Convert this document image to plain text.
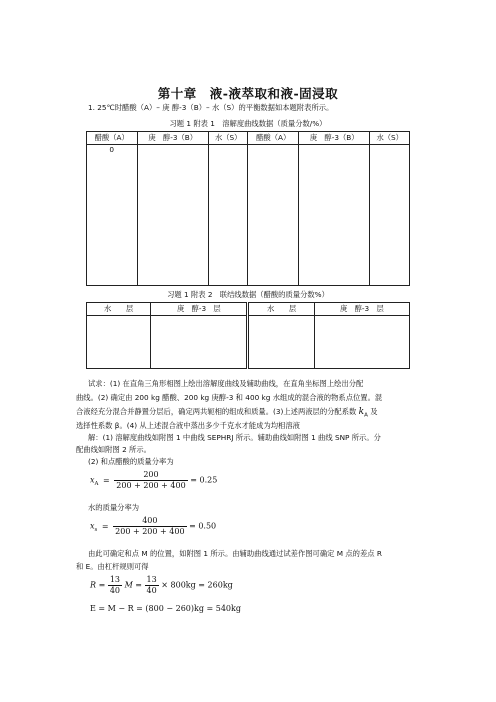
第十章　液-液萃取和液-固浸取
1. 25℃时醋酸（A）– 庚 醇-3（B）– 水（S）的平衡数据如本题附表所示。
习题 1 附表 1　溶解度曲线数据（质量分数/%）
醋酸（A）	庚　醇-3（B）	水（S）	醋酸（A）	庚　醇-3（B）	水（S）
0					
习题 1 附表 2　联结线数据（醋酸的质量分数%）
水　　层	庚　醇-3　层	水　　层	庚　醇-3　层

试求：(1) 在直角三角形相图上绘出溶解度曲线及辅助曲线，在直角坐标图上绘出分配
曲线。(2) 确定由 200 kg 醋酸、200 kg 庚醇-3 和 400 kg 水组成的混合液的物系点位置。混
合液经充分混合并静置分层后，确定两共轭相的组成和质量。(3)上述两液层的分配系数 $k_A$ 及
选择性系数 β。(4) 从上述混合液中蒸出多少千克水才能成为均相溶液
解：(1) 溶解度曲线如附图 1 中曲线 SEPHRJ 所示。辅助曲线如附图 1 曲线 SNP 所示。分
配曲线如附图 2 所示。
(2) 和点醋酸的质量分率为
$x_A = \frac{200}{200 + 200 + 400} = 0.25$
水的质量分率为
$x_s = \frac{400}{200 + 200 + 400} = 0.50$
由此可确定和点 M 的位置，如附图 1 所示。由辅助曲线通过试差作图可确定 M 点的差点 R
和 E。由杠杆规则可得
$R = \frac{13}{40}$ $M = \frac{13}{40} \times 800kg = 260kg$
E = M − R = (800 − 260)kg = 540kg
